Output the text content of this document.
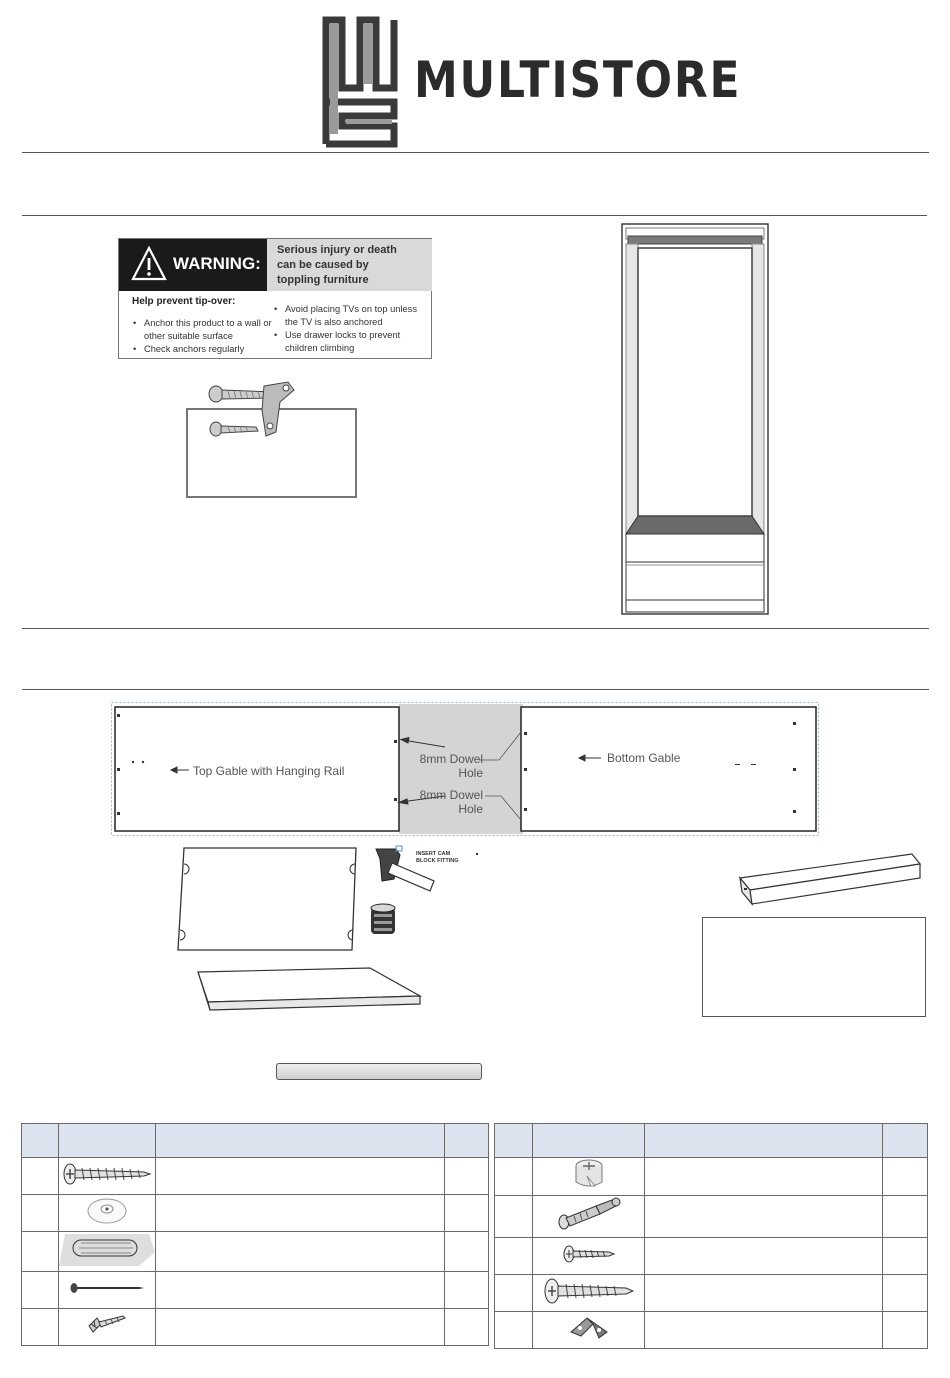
MULTISTORE
WARNING:
Serious injury or death
can be caused by
toppling furniture
Help prevent tip-over:
• Anchor this product to a wall or other suitable surface
• Check anchors regularly
• Avoid placing TVs on top unless the TV is also anchored
• Use drawer locks to prevent children climbing
Top Gable with Hanging Rail
8mm Dowel Hole
8mm Dowel Hole
Bottom Gable
INSERT CAM
BLOCK FITTING
